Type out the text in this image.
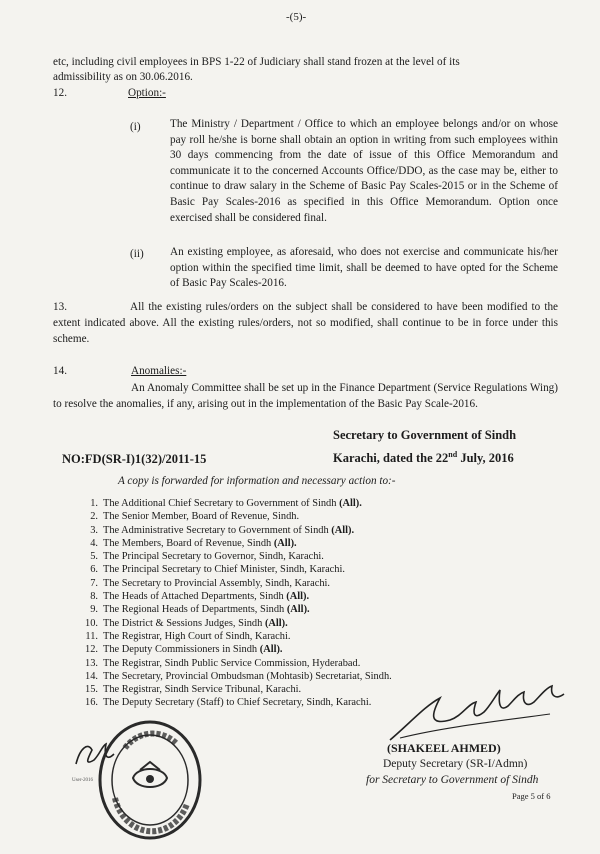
-(5)-
etc, including civil employees in BPS 1-22 of Judiciary shall stand frozen at the level of its
admissibility as on 30.06.2016.
12.	Option:-
(i)	The Ministry / Department / Office to which an employee belongs and/or on whose pay roll he/she is borne shall obtain an option in writing from such employees within 30 days commencing from the date of issue of this Office Memorandum and communicate it to the concerned Accounts Office/DDO, as the case may be, either to continue to draw salary in the Scheme of Basic Pay Scales-2015 or in the Scheme of Basic Pay Scales-2016 as specified in this Office Memorandum. Option once exercised shall be considered final.
(ii) An existing employee, as aforesaid, who does not exercise and communicate his/her option within the specified time limit, shall be deemed to have opted for the Scheme of Basic Pay Scales-2016.
13.	All the existing rules/orders on the subject shall be considered to have been modified to the extent indicated above. All the existing rules/orders, not so modified, shall continue to be in force under this scheme.
14.	Anomalies:-
An Anomaly Committee shall be set up in the Finance Department (Service Regulations Wing) to resolve the anomalies, if any, arising out in the implementation of the Basic Pay Scale-2016.
Secretary to Government of Sindh
NO:FD(SR-I)1(32)/2011-15	Karachi, dated the 22nd July, 2016
A copy is forwarded for information and necessary action to:-
1. The Additional Chief Secretary to Government of Sindh (All).
2. The Senior Member, Board of Revenue, Sindh.
3. The Administrative Secretary to Government of Sindh (All).
4. The Members, Board of Revenue, Sindh (All).
5. The Principal Secretary to Governor, Sindh, Karachi.
6. The Principal Secretary to Chief Minister, Sindh, Karachi.
7. The Secretary to Provincial Assembly, Sindh, Karachi.
8. The Heads of Attached Departments, Sindh (All).
9. The Regional Heads of Departments, Sindh (All).
10. The District & Sessions Judges, Sindh (All).
11. The Registrar, High Court of Sindh, Karachi.
12. The Deputy Commissioners in Sindh (All).
13. The Registrar, Sindh Public Service Commission, Hyderabad.
14. The Secretary, Provincial Ombudsman (Mohtasib) Secretariat, Sindh.
15. The Registrar, Sindh Service Tribunal, Karachi.
16. The Deputy Secretary (Staff) to Chief Secretary, Sindh, Karachi.
(SHAKEEL AHMED)
Deputy Secretary (SR-I/Admn)
for Secretary to Government of Sindh
Page 5 of 6
User-2016
